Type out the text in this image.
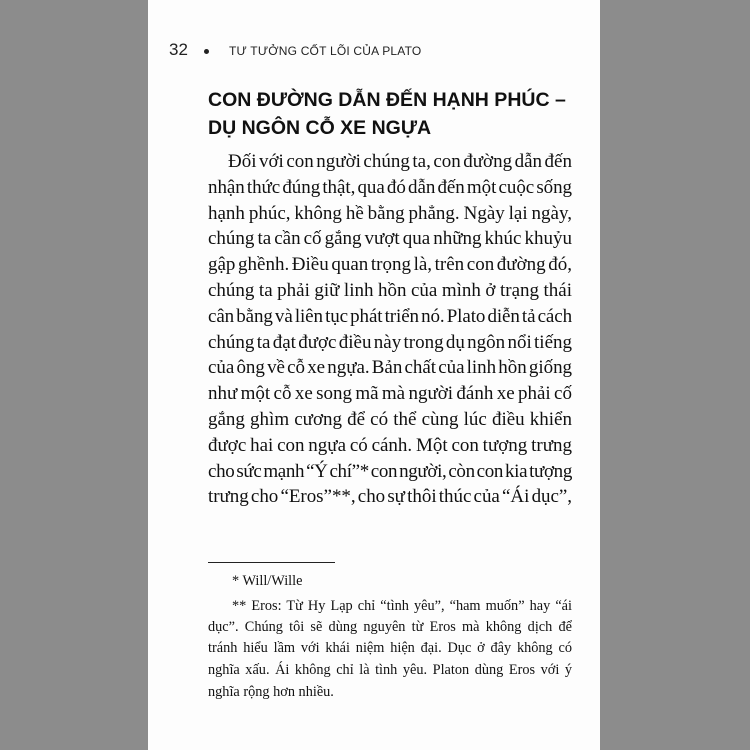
32	TƯ TƯỞNG CỐT LÕI CỦA PLATO
CON ĐƯỜNG DẪN ĐẾN HẠNH PHÚC –
DỤ NGÔN CỖ XE NGỰA
Đối với con người chúng ta, con đường dẫn đến
nhận thức đúng thật, qua đó dẫn đến một cuộc sống
hạnh phúc, không hề bằng phẳng. Ngày lại ngày,
chúng ta cần cố gắng vượt qua những khúc khuỷu
gập ghềnh. Điều quan trọng là, trên con đường đó,
chúng ta phải giữ linh hồn của mình ở trạng thái
cân bằng và liên tục phát triển nó. Plato diễn tả cách
chúng ta đạt được điều này trong dụ ngôn nổi tiếng
của ông về cỗ xe ngựa. Bản chất của linh hồn giống
như một cỗ xe song mã mà người đánh xe phải cố
gắng ghìm cương để có thể cùng lúc điều khiển
được hai con ngựa có cánh. Một con tượng trưng
cho sức mạnh “Ý chí”* con người, còn con kia tượng
trưng cho “Eros”**, cho sự thôi thúc của “Ái dục”,
* Will/Wille
** Eros: Từ Hy Lạp chỉ “tình yêu”, “ham muốn” hay “ái
dục”. Chúng tôi sẽ dùng nguyên từ Eros mà không dịch để
tránh hiểu lầm với khái niệm hiện đại. Dục ở đây không có
nghĩa xấu. Ái không chỉ là tình yêu. Platon dùng Eros với ý
nghĩa rộng hơn nhiều.
